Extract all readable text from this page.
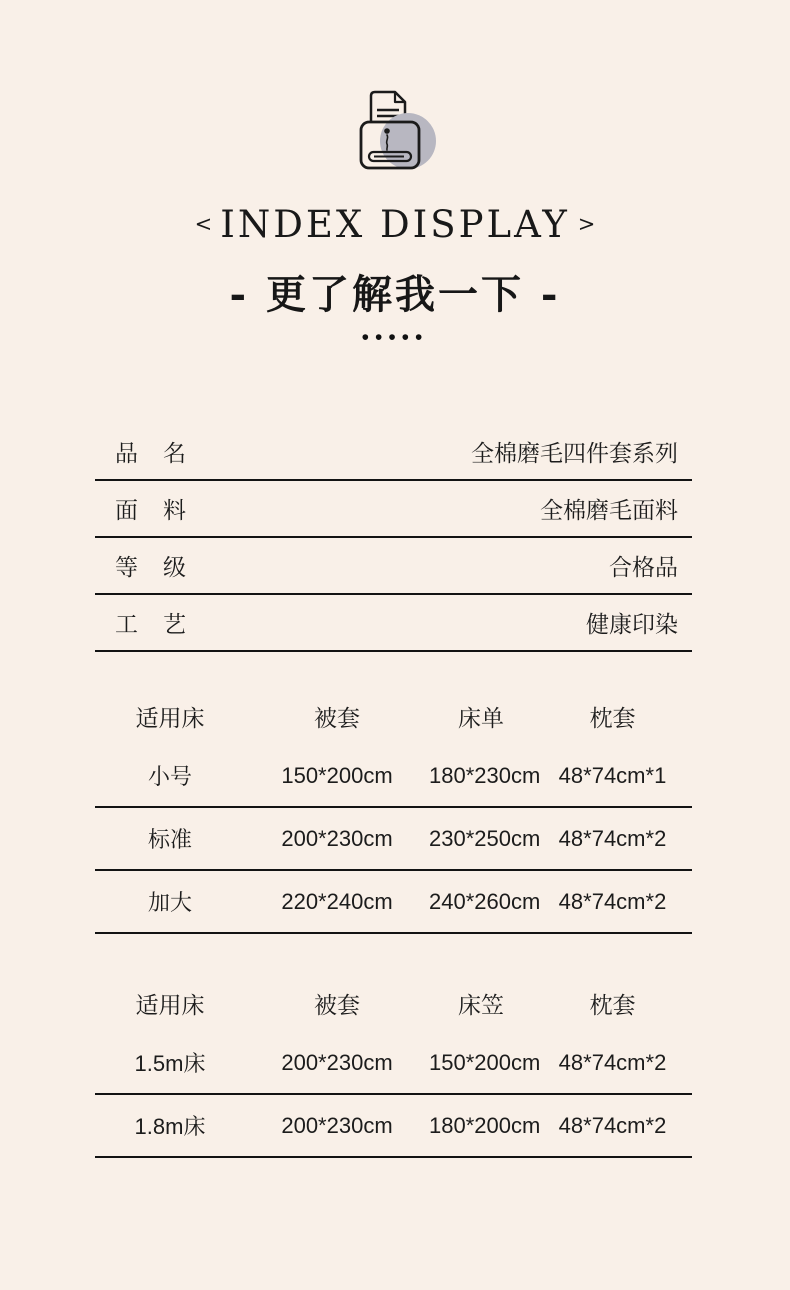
< INDEX DISPLAY >
- 更了解我一下 -
•••••
品　名	全棉磨毛四件套系列
面　料	全棉磨毛面料
等　级	合格品
工　艺	健康印染
适用床	被套	床单	枕套
小号	150*200cm	180*230cm 48*74cm*1
标准	200*230cm	230*250cm 48*74cm*2
加大	220*240cm	240*260cm 48*74cm*2
适用床	被套	床笠	枕套
1.5m床	200*230cm	150*200cm 48*74cm*2
1.8m床	200*230cm	180*200cm 48*74cm*2
